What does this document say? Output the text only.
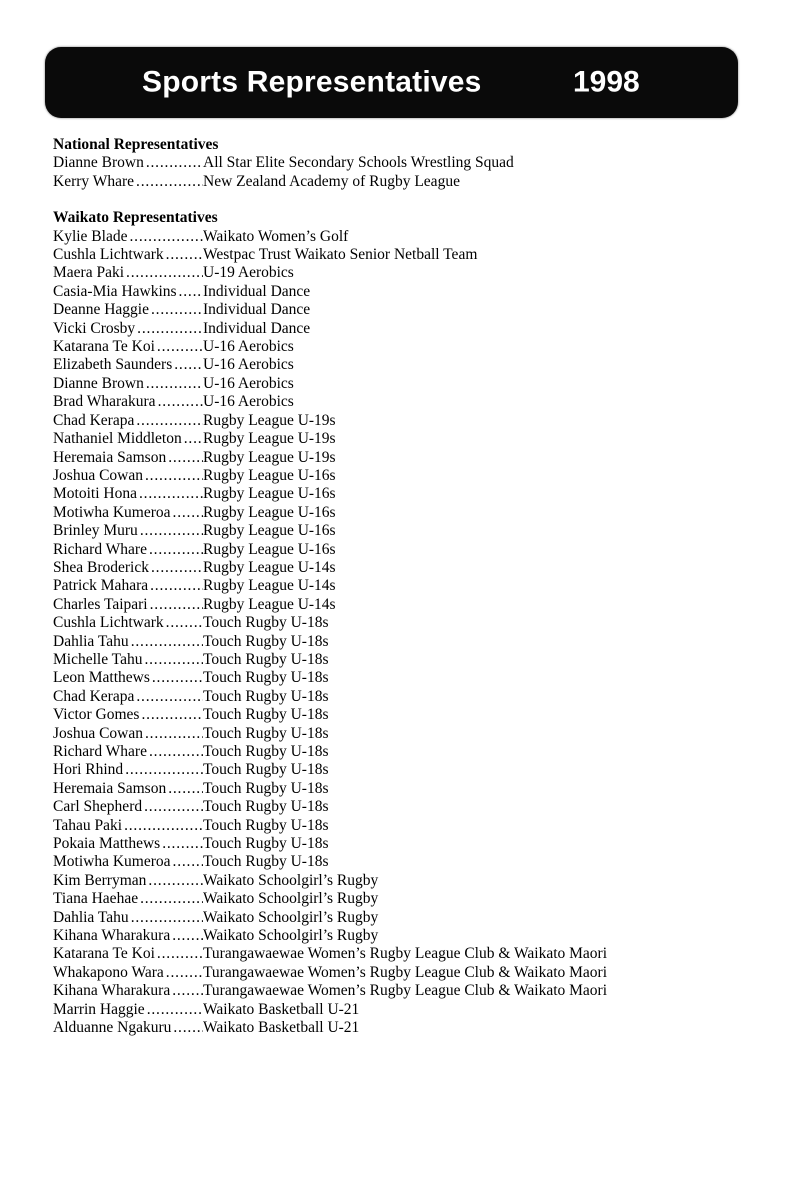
Sports Representatives	1998
National Representatives
Dianne Brown .....	All Star Elite Secondary Schools Wrestling Squad
Kerry Whare .....	New Zealand Academy of Rugby League
Waikato Representatives
Kylie Blade .....	Waikato Women’s Golf
Cushla Lichtwark .....	Westpac Trust Waikato Senior Netball Team
Maera Paki .....	U-19 Aerobics
Casia-Mia Hawkins ..... Individual Dance
Deanne Haggie .....	Individual Dance
Vicki Crosby .....	Individual Dance
Katarana Te Koi .....	U-16 Aerobics
Elizabeth Saunders ..... U-16 Aerobics
Dianne Brown .....	U-16 Aerobics
Brad Wharakura .....	U-16 Aerobics
Chad Kerapa .....	Rugby League U-19s
Nathaniel Middleton ..... Rugby League U-19s
Heremaia Samson ..... Rugby League U-19s
Joshua Cowan .....	Rugby League U-16s
Motoiti Hona .....	Rugby League U-16s
Motiwha Kumeroa ..... Rugby League U-16s
Brinley Muru .....	Rugby League U-16s
Richard Whare .....	Rugby League U-16s
Shea Broderick .....	Rugby League U-14s
Patrick Mahara .....	Rugby League U-14s
Charles Taipari .....	Rugby League U-14s
Cushla Lichtwark .....	Touch Rugby U-18s
Dahlia Tahu .....	Touch Rugby U-18s
Michelle Tahu .....	Touch Rugby U-18s
Leon Matthews .....	Touch Rugby U-18s
Chad Kerapa .....	Touch Rugby U-18s
Victor Gomes .....	Touch Rugby U-18s
Joshua Cowan .....	Touch Rugby U-18s
Richard Whare .....	Touch Rugby U-18s
Hori Rhind .....	Touch Rugby U-18s
Heremaia Samson ..... Touch Rugby U-18s
Carl Shepherd .....	Touch Rugby U-18s
Tahau Paki .....	Touch Rugby U-18s
Pokaia Matthews .....	Touch Rugby U-18s
Motiwha Kumeroa ..... Touch Rugby U-18s
Kim Berryman .....	Waikato Schoolgirl’s Rugby
Tiana Haehae .....	Waikato Schoolgirl’s Rugby
Dahlia Tahu .....	Waikato Schoolgirl’s Rugby
Kihana Wharakura ..... Waikato Schoolgirl’s Rugby
Katarana Te Koi .....	Turangawaewae Women’s Rugby League Club & Waikato Maori
Whakapono Wara .....	Turangawaewae Women’s Rugby League Club & Waikato Maori
Kihana Wharakura ..... Turangawaewae Women’s Rugby League Club & Waikato Maori
Marrin Haggie .....	Waikato Basketball U-21
Alduanne Ngakuru ..... Waikato Basketball U-21
